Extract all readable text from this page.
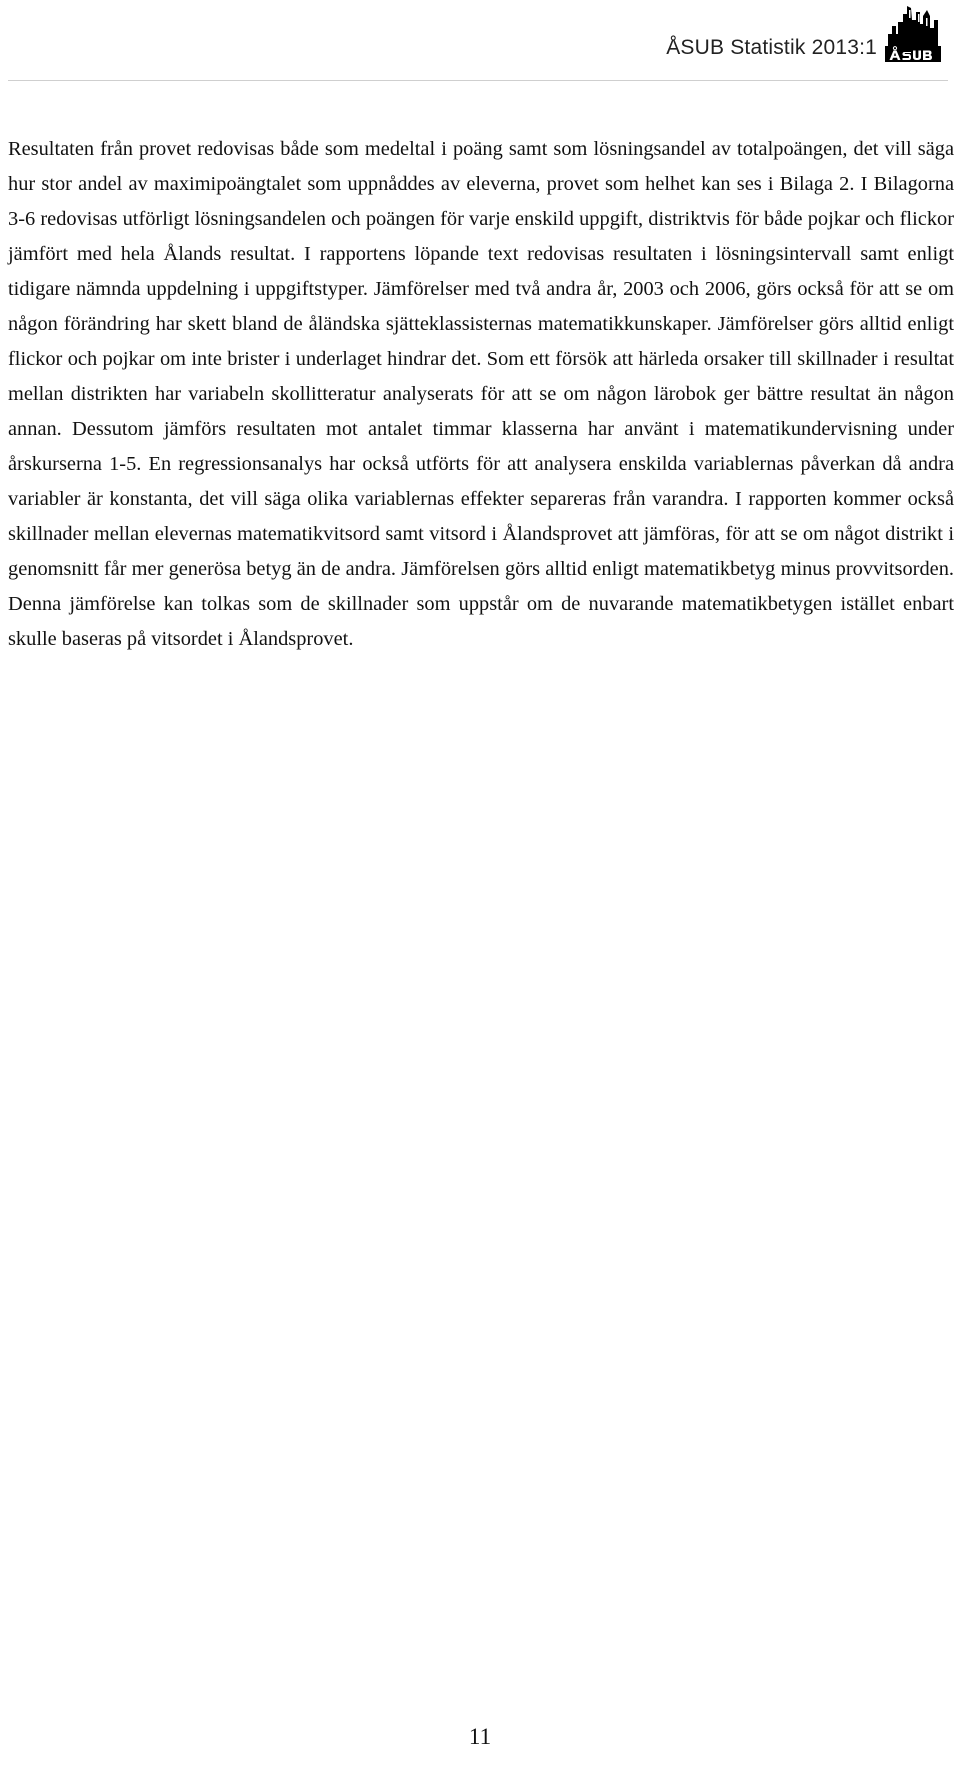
ÅSUB Statistik 2013:1

Resultaten från provet redovisas både som medeltal i poäng samt som lösningsandel av totalpoängen, det vill säga hur stor andel av maximipoängtalet som uppnåddes av eleverna, provet som helhet kan ses i Bilaga 2. I Bilagorna 3-6 redovisas utförligt lösningsandelen och poängen för varje enskild uppgift, distriktvis för både pojkar och flickor jämfört med hela Ålands resultat. I rapportens löpande text redovisas resultaten i lösningsintervall samt enligt tidigare nämnda uppdelning i uppgiftstyper. Jämförelser med två andra år, 2003 och 2006, görs också för att se om någon förändring har skett bland de åländska sjätteklassisternas matematikkunskaper. Jämförelser görs alltid enligt flickor och pojkar om inte brister i underlaget hindrar det. Som ett försök att härleda orsaker till skillnader i resultat mellan distrikten har variabeln skollitteratur analyserats för att se om någon lärobok ger bättre resultat än någon annan. Dessutom jämförs resultaten mot antalet timmar klasserna har använt i matematikundervisning under årskurserna 1-5. En regressionsanalys har också utförts för att analysera enskilda variablernas påverkan då andra variabler är konstanta, det vill säga olika variablernas effekter separeras från varandra. I rapporten kommer också skillnader mellan elevernas matematikvitsord samt vitsord i Ålandsprovet att jämföras, för att se om något distrikt i genomsnitt får mer generösa betyg än de andra. Jämförelsen görs alltid enligt matematikbetyg minus provvitsorden. Denna jämförelse kan tolkas som de skillnader som uppstår om de nuvarande matematikbetygen istället enbart skulle baseras på vitsordet i Ålandsprovet.

11
